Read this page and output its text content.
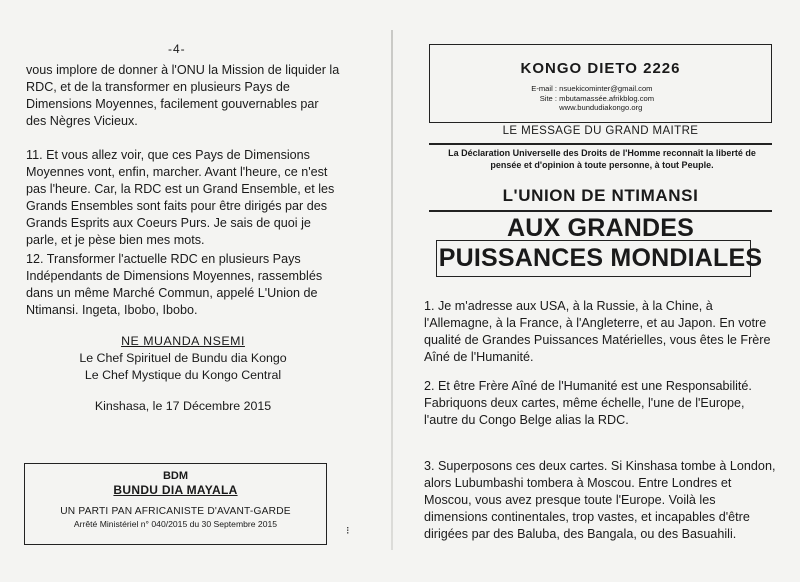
-4-

vous implore de donner à l'ONU la Mission de liquider la RDC, et de la transformer en plusieurs Pays de Dimensions Moyennes, facilement gouvernables par des Nègres Vicieux.

11. Et vous allez voir, que ces Pays de Dimensions Moyennes vont, enfin, marcher. Avant l'heure, ce n'est pas l'heure. Car, la RDC est un Grand Ensemble, et les Grands Ensembles sont faits pour être dirigés par des Grands Esprits aux Coeurs Purs. Je sais de quoi je parle, et je pèse bien mes mots.

12. Transformer l'actuelle RDC en plusieurs Pays Indépendants de Dimensions Moyennes, rassemblés dans un même Marché Commun, appelé L'Union de Ntimansi. Ingeta, Ibobo, Ibobo.

NE MUANDA NSEMI
Le Chef Spirituel de Bundu dia Kongo
Le Chef Mystique du Kongo Central
Kinshasa, le 17 Décembre 2015
BDM
BUNDU DIA MAYALA
UN PARTI PAN AFRICANISTE D'AVANT-GARDE
Arrêté Ministériel n° 040/2015 du 30 Septembre 2015
⁝
KONGO DIETO 2226
E-mail : nsuekicominter@gmail.com
Site : mbutamassée.afrikblog.com
www.bundudiakongo.org
LE MESSAGE DU GRAND MAITRE
La Déclaration Universelle des Droits de l'Homme reconnaît la liberté de pensée et d'opinion à toute personne, à tout Peuple.
L'UNION DE NTIMANSI
AUX GRANDES
PUISSANCES MONDIALES

1. Je m'adresse aux USA, à la Russie, à la Chine, à l'Allemagne, à la France, à l'Angleterre, et au Japon. En votre qualité de Grandes Puissances Matérielles, vous êtes le Frère Aîné de l'Humanité.

2. Et être Frère Aîné de l'Humanité est une Responsabilité. Fabriquons deux cartes, même échelle, l'une de l'Europe, l'autre du Congo Belge alias la RDC.

3. Superposons ces deux cartes. Si Kinshasa tombe à London, alors Lubumbashi tombera à Moscou. Entre Londres et Moscou, vous avez presque toute l'Europe. Voilà les dimensions continentales, trop vastes, et incapables d'être dirigées par des Baluba, des Bangala, ou des Basuahili.
